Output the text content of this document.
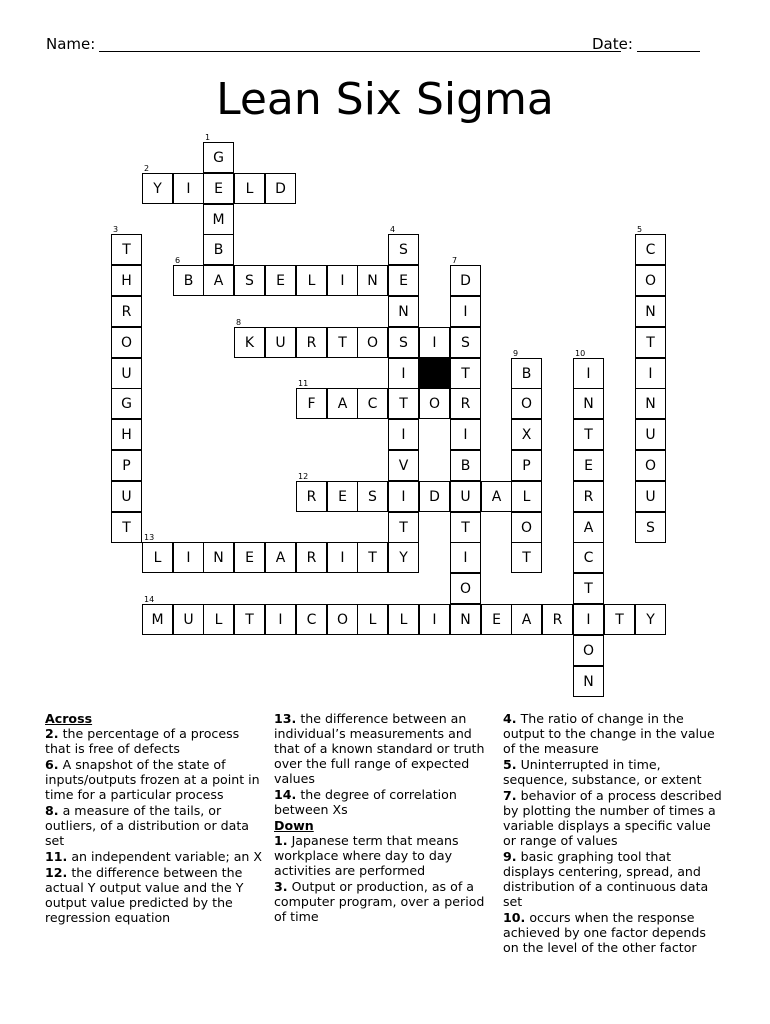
Name:	Date:
Lean Six Sigma
G
1
E
M
B
A
Y
2
I	L	D
T
3
H
R
O
U
G
H
P
U
T
S
4
E
N
S
I
T
I
V
I
T
Y
C
5
O
N
T
I
N
U
O
U
S
B
6
S	E	L	I	N	D
7
I
S
T
R
I
B
U
T
I
O
N
K
8
U	R	T	O	I
B
9
O
X
P
L
O
T
I
10
N
T
E
R
A
C
T
I
O
N
F
11
A	C	O
R
12
E	S	D	A
L
13
I	N	E	A	R	I	T
M
14
U	L	T	I	C	O	L	L	I	E	A	R	T	Y
Across
2. the percentage of a process that is free of defects
6. A snapshot of the state of inputs/outputs frozen at a point in time for a particular process
8. a measure of the tails, or outliers, of a distribution or data set
11. an independent variable; an X
12. the difference between the actual Y output value and the Y output value predicted by the regression equation
13. the difference between an individual’s measurements and that of a known standard or truth over the full range of expected values
14. the degree of correlation between Xs
Down
1. Japanese term that means workplace where day to day activities are performed
3. Output or production, as of a computer program, over a period of time
4. The ratio of change in the output to the change in the value of the measure
5. Uninterrupted in time, sequence, substance, or extent
7. behavior of a process described by plotting the number of times a variable displays a specific value or range of values
9. basic graphing tool that displays centering, spread, and distribution of a continuous data set
10. occurs when the response achieved by one factor depends on the level of the other factor
